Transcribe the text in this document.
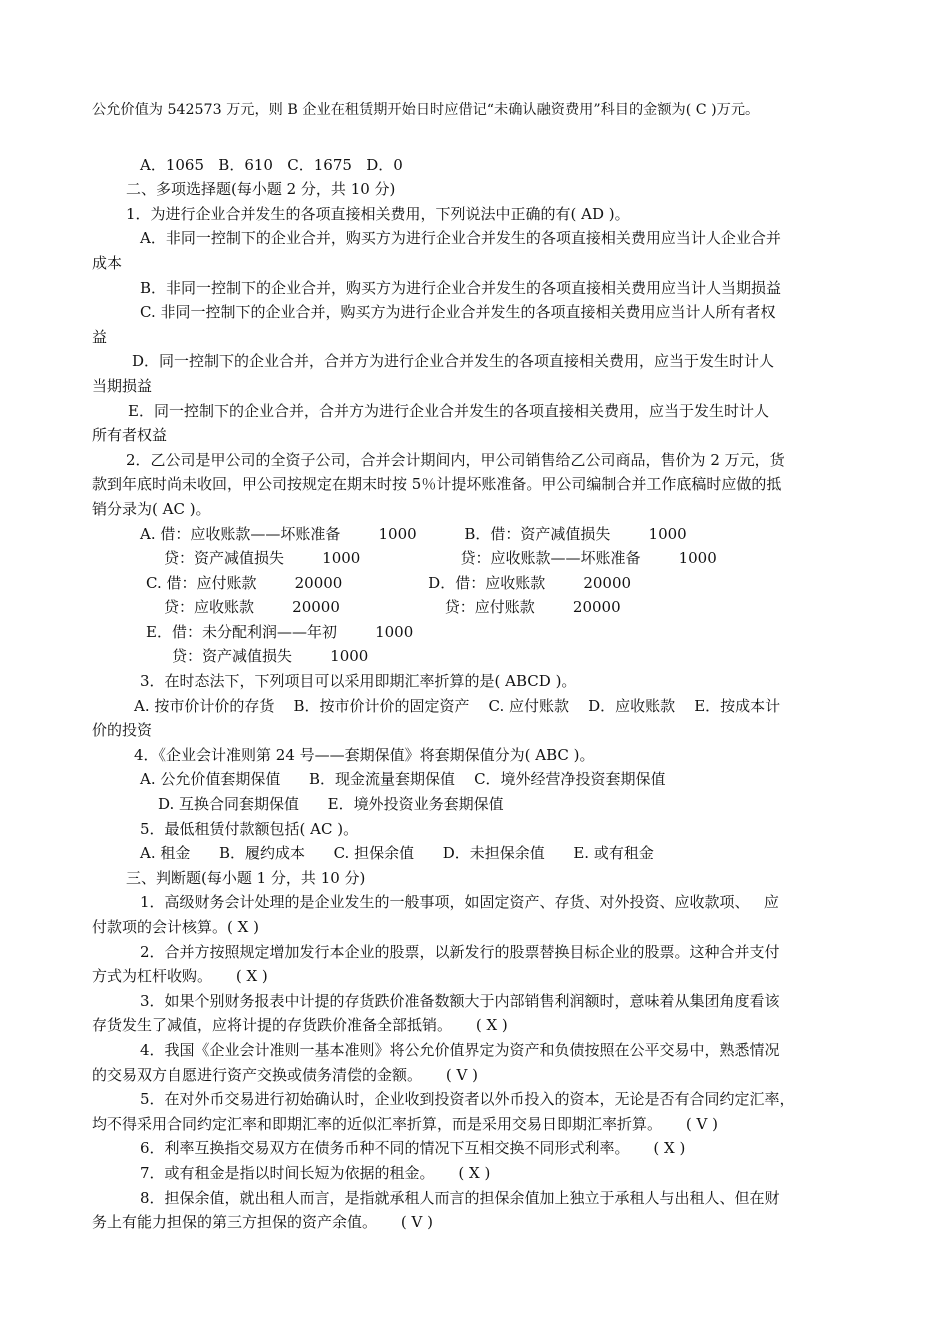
公允价值为 542573 万元，则 B 企业在租赁期开始日时应借记“未确认融资费用”科目的金额为( C )万元。
A．1065   B．610   C．1675   D．0
二、多项选择题(每小题 2 分，共 10 分)
1．为进行企业合并发生的各项直接相关费用，下列说法中正确的有( AD )。
A．非同一控制下的企业合并，购买方为进行企业合并发生的各项直接相关费用应当计人企业合并
成本
B．非同一控制下的企业合并，购买方为进行企业合并发生的各项直接相关费用应当计人当期损益
C. 非同一控制下的企业合并，购买方为进行企业合并发生的各项直接相关费用应当计人所有者权
益
D．同一控制下的企业合并，合并方为进行企业合并发生的各项直接相关费用，应当于发生时计人
当期损益
E．同一控制下的企业合并，合并方为进行企业合并发生的各项直接相关费用，应当于发生时计人
所有者权益
2．乙公司是甲公司的全资子公司，合并会计期间内，甲公司销售给乙公司商品，售价为 2 万元，货
款到年底时尚未收回，甲公司按规定在期末时按 5％计提坏账准备。甲公司编制合并工作底稿时应做的抵
销分录为( AC )。
A. 借：应收账款——坏账准备        1000          B．借：资产减值损失        1000
贷：资产减值损失        1000                     贷：应收账款——坏账准备        1000
C. 借：应付账款        20000                  D．借：应收账款        20000
贷：应收账款        20000                      贷：应付账款        20000
E．借：未分配利润——年初        1000
贷：资产减值损失        1000
3．在时态法下，下列项目可以采用即期汇率折算的是( ABCD )。
A. 按市价计价的存货    B．按市价计价的固定资产    C. 应付账款    D．应收账款    E．按成本计
价的投资
4．《企业会计准则第 24 号——套期保值》将套期保值分为( ABC )。
A. 公允价值套期保值      B．现金流量套期保值    C．境外经营净投资套期保值
D. 互换合同套期保值      E．境外投资业务套期保值
5．最低租赁付款额包括( AC )。
A. 租金      B．履约成本      C. 担保余值      D．未担保余值      E. 或有租金
三、判断题(每小题 1 分，共 10 分)
1．高级财务会计处理的是企业发生的一般事项，如固定资产、存货、对外投资、应收款项、   应
付款项的会计核算。( X )
2．合并方按照规定增加发行本企业的股票，以新发行的股票替换目标企业的股票。这种合并支付
方式为杠杆收购。     ( X )
3．如果个别财务报表中计提的存货跌价准备数额大于内部销售利润额时，意味着从集团角度看该
存货发生了减值，应将计提的存货跌价准备全部抵销。     ( X )
4．我国《企业会计准则一基本准则》将公允价值界定为资产和负债按照在公平交易中，熟悉情况
的交易双方自愿进行资产交换或债务清偿的金额。     ( V )
5．在对外币交易进行初始确认时，企业收到投资者以外币投入的资本，无论是否有合同约定汇率，
均不得采用合同约定汇率和即期汇率的近似汇率折算，而是采用交易日即期汇率折算。     ( V )
6．利率互换指交易双方在债务币种不同的情况下互相交换不同形式利率。     ( X )
7．或有租金是指以时间长短为依据的租金。     ( X )
8．担保余值，就出租人而言，是指就承租人而言的担保余值加上独立于承租人与出租人、但在财
务上有能力担保的第三方担保的资产余值。     ( V )
